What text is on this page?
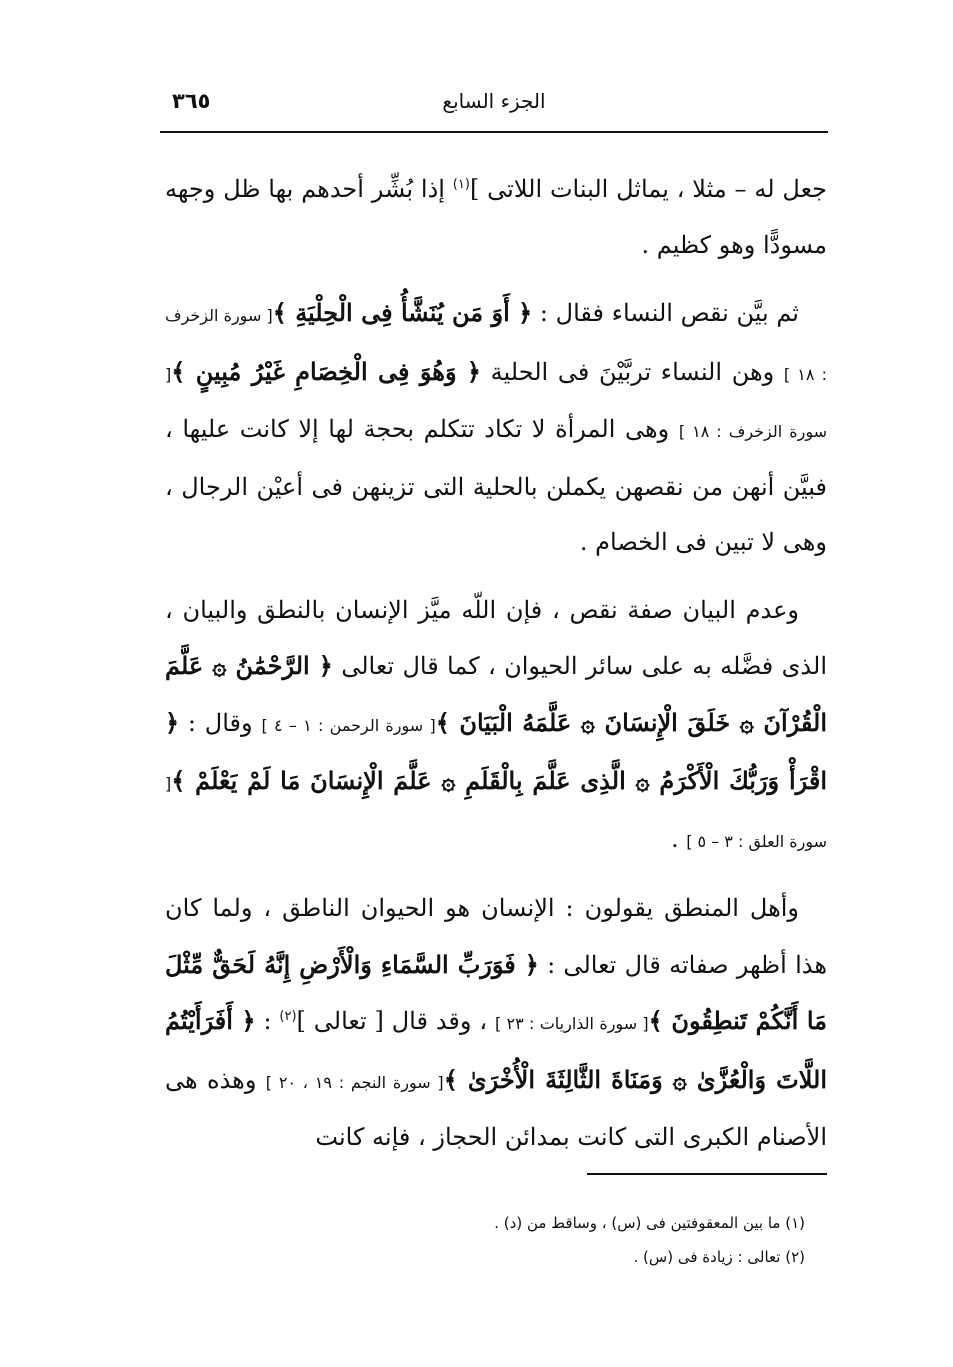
الجزء السابع
٣٦٥

جعل له – مثلا ، يماثل البنات اللاتى ]$^{(١)}$ إذا بُشِّر أحدهم بها ظل وجهه مسودًّا وهو كظيم .

ثم بيَّن نقص النساء فقال : ﴿ أَوَ مَن يُنَشَّأُ فِى الْحِلْيَةِ ﴾[ سورة الزخرف : ١٨ ] وهن النساء تربَّيْنَ فى الحلية ﴿ وَهُوَ فِى الْخِصَامِ غَيْرُ مُبِينٍ ﴾[ سورة الزخرف : ١٨ ] وهى المرأة لا تكاد تتكلم بحجة لها إلا كانت عليها ، فبيَّن أنهن من نقصهن يكملن بالحلية التى تزينهن فى أعيْن الرجال ، وهى لا تبين فى الخصام .

وعدم البيان صفة نقص ، فإن اللّه ميَّز الإنسان بالنطق والبيان ، الذى فضَّله به على سائر الحيوان ، كما قال تعالى ﴿ الرَّحْمَٰنُ ۞ عَلَّمَ الْقُرْآنَ ۞ خَلَقَ الْإِنسَانَ ۞ عَلَّمَهُ الْبَيَانَ ﴾[ سورة الرحمن : ١ – ٤ ] وقال : ﴿ اقْرَأْ وَرَبُّكَ الْأَكْرَمُ ۞ الَّذِى عَلَّمَ بِالْقَلَمِ ۞ عَلَّمَ الْإِنسَانَ مَا لَمْ يَعْلَمْ ﴾[ سورة العلق : ٣ – ٥ ] .

وأهل المنطق يقولون : الإنسان هو الحيوان الناطق ، ولما كان هذا أظهر صفاته قال تعالى : ﴿ فَوَرَبِّ السَّمَاءِ وَالْأَرْضِ إِنَّهُ لَحَقٌّ مِّثْلَ مَا أَنَّكُمْ تَنطِقُونَ ﴾[ سورة الذاريات : ٢٣ ] ، وقد قال [ تعالى ]$^{(٢)}$ : ﴿ أَفَرَأَيْتُمُ اللَّاتَ وَالْعُزَّىٰ ۞ وَمَنَاةَ الثَّالِثَةَ الْأُخْرَىٰ ﴾[ سورة النجم : ١٩ ، ٢٠ ] وهذه هى الأصنام الكبرى التى كانت بمدائن الحجاز ، فإنه كانت

(١) ما بين المعقوفتين فى (س) ، وساقط من (د) .

(٢) تعالى : زيادة فى (س) .
